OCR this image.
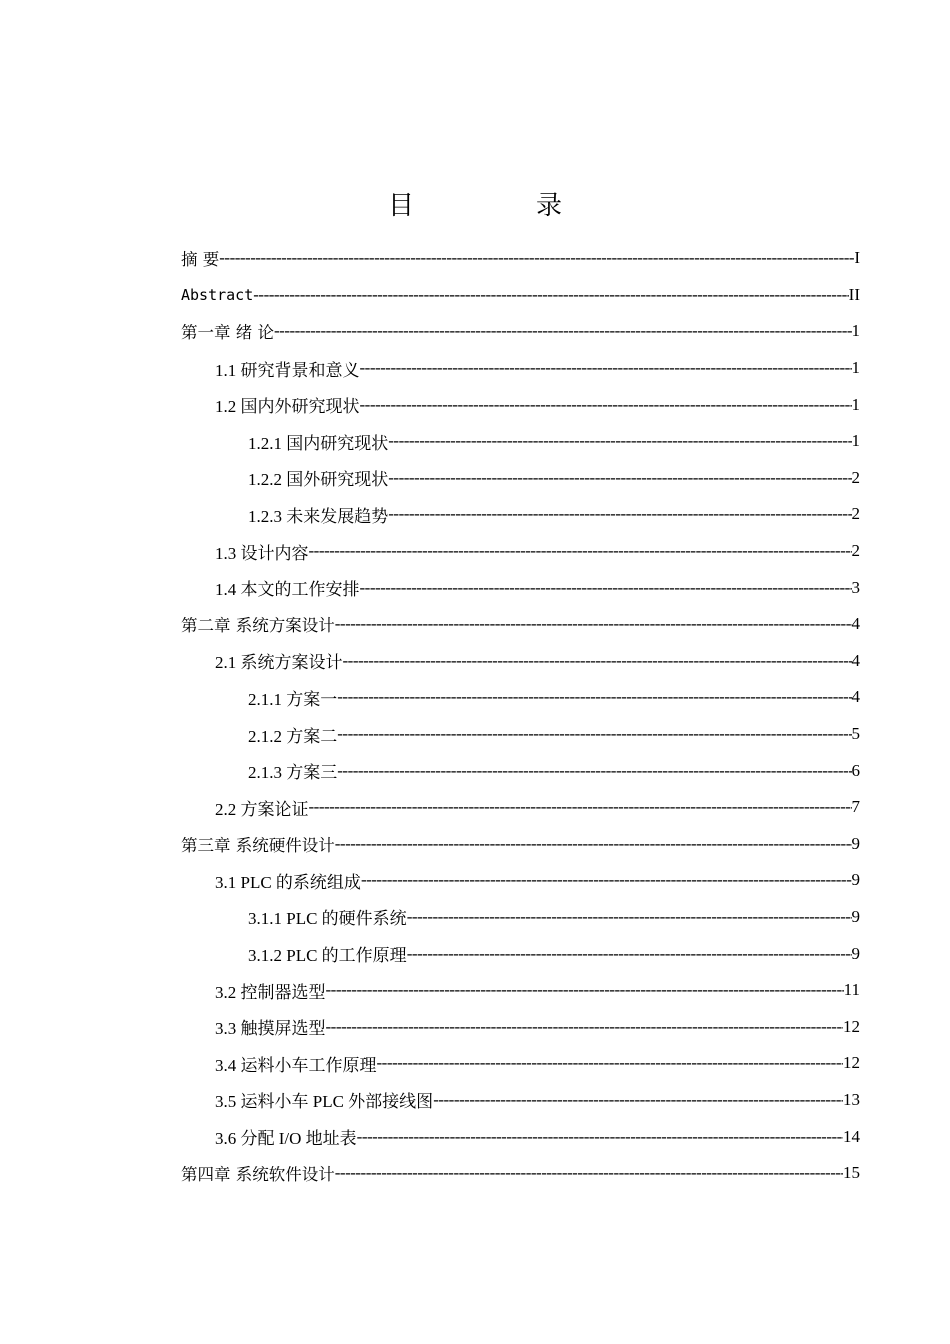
目　录
摘 要 -----	I
Abstract -----	II
第一章 绪 论 -----	1
1.1 研究背景和意义 -----	1
1.2 国内外研究现状 -----	1
1.2.1 国内研究现状 -----	1
1.2.2 国外研究现状 -----	2
1.2.3 未来发展趋势 -----	2
1.3 设计内容 -----	2
1.4 本文的工作安排 -----	3
第二章 系统方案设计 -----	4
2.1 系统方案设计 -----	4
2.1.1 方案一 -----	4
2.1.2 方案二 -----	5
2.1.3 方案三 -----	6
2.2 方案论证 -----	7
第三章 系统硬件设计 -----	9
3.1 PLC 的系统组成 -----	9
3.1.1 PLC 的硬件系统 -----	9
3.1.2 PLC 的工作原理 -----	9
3.2 控制器选型 -----	11
3.3 触摸屏选型 -----	12
3.4 运料小车工作原理 -----	12
3.5 运料小车 PLC 外部接线图 -----	13
3.6 分配 I/O 地址表 -----	14
第四章 系统软件设计 -----	15
